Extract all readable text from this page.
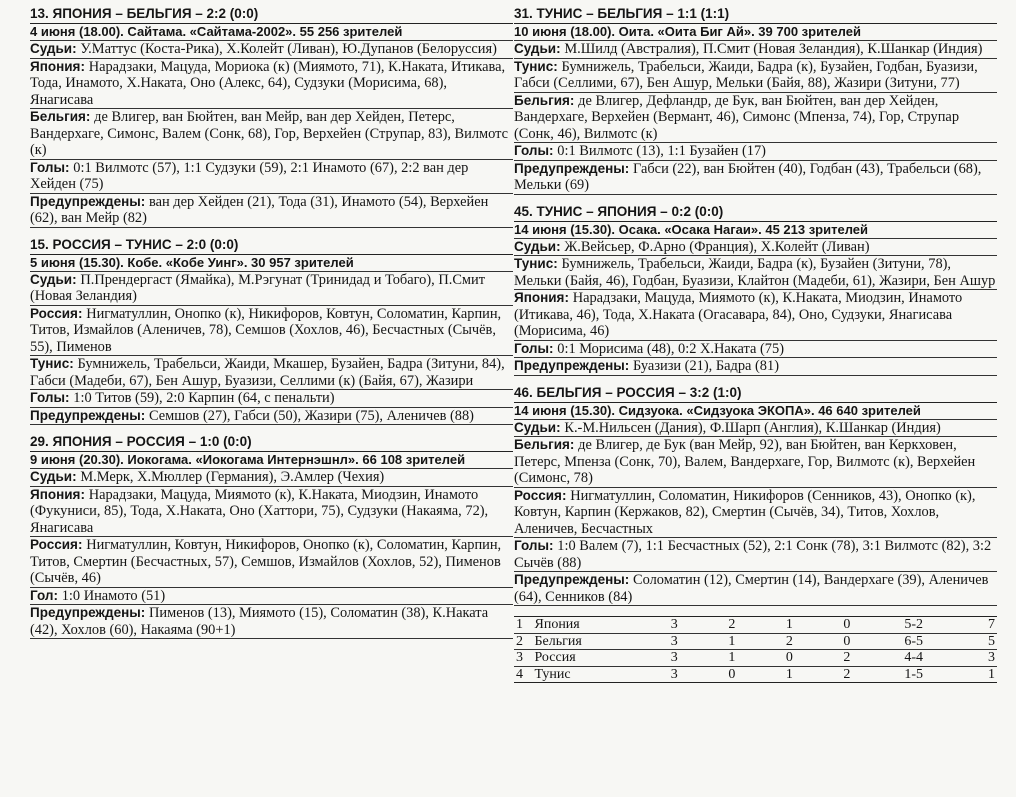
13. ЯПОНИЯ – БЕЛЬГИЯ – 2:2 (0:0)
4 июня (18.00). Сайтама. «Сайтама-2002». 55 256 зрителей
Судьи: У.Маттус (Коста-Рика), Х.Колейт (Ливан), Ю.Дупанов (Белоруссия)
Япония: Нарадзаки, Мацуда, Мориока (к) (Миямото, 71), К.Наката, Итикава, Тода, Инамото, Х.Наката, Оно (Алекс, 64), Судзуки (Морисима, 68), Янагисава
Бельгия: де Влигер, ван Бюйтен, ван Мейр, ван дер Хейден, Петерс, Вандерхаге, Симонс, Валем (Сонк, 68), Гор, Верхейен (Струпар, 83), Вилмотс (к)
Голы: 0:1 Вилмотс (57), 1:1 Судзуки (59), 2:1 Инамото (67), 2:2 ван дер Хейден (75)
Предупреждены: ван дер Хейден (21), Тода (31), Инамото (54), Верхейен (62), ван Мейр (82)
15. РОССИЯ – ТУНИС – 2:0 (0:0)
5 июня (15.30). Кобе. «Кобе Уинг». 30 957 зрителей
Судьи: П.Прендергаст (Ямайка), М.Рэгунат (Тринидад и Тобаго), П.Смит (Новая Зеландия)
Россия: Нигматуллин, Онопко (к), Никифоров, Ковтун, Соломатин, Карпин, Титов, Измайлов (Аленичев, 78), Семшов (Хохлов, 46), Бесчастных (Сычёв, 55), Пименов
Тунис: Бумнижель, Трабельси, Жаиди, Мкашер, Бузайен, Бадра (Зитуни, 84), Габси (Мадеби, 67), Бен Ашур, Буазизи, Селлими (к) (Байя, 67), Жазири
Голы: 1:0 Титов (59), 2:0 Карпин (64, с пенальти)
Предупреждены: Семшов (27), Габси (50), Жазири (75), Аленичев (88)
29. ЯПОНИЯ – РОССИЯ – 1:0 (0:0)
9 июня (20.30). Иокогама. «Иокогама Интернэшнл». 66 108 зрителей
Судьи: М.Мерк, Х.Мюллер (Германия), Э.Амлер (Чехия)
Япония: Нарадзаки, Мацуда, Миямото (к), К.Наката, Миодзин, Инамото (Фукуниси, 85), Тода, Х.Наката, Оно (Хаттори, 75), Судзуки (Накаяма, 72), Янагисава
Россия: Нигматуллин, Ковтун, Никифоров, Онопко (к), Соломатин, Карпин, Титов, Смертин (Бесчастных, 57), Семшов, Измайлов (Хохлов, 52), Пименов (Сычёв, 46)
Гол: 1:0 Инамото (51)
Предупреждены: Пименов (13), Миямото (15), Соломатин (38), К.Наката (42), Хохлов (60), Накаяма (90+1)
31. ТУНИС – БЕЛЬГИЯ – 1:1 (1:1)
10 июня (18.00). Оита. «Оита Биг Ай». 39 700 зрителей
Судьи: М.Шилд (Австралия), П.Смит (Новая Зеландия), К.Шанкар (Индия)
Тунис: Бумнижель, Трабельси, Жаиди, Бадра (к), Бузайен, Годбан, Буазизи, Габси (Селлими, 67), Бен Ашур, Мельки (Байя, 88), Жазири (Зитуни, 77)
Бельгия: де Влигер, Дефландр, де Бук, ван Бюйтен, ван дер Хейден, Вандерхаге, Верхейен (Вермант, 46), Симонс (Мпенза, 74), Гор, Струпар (Сонк, 46), Вилмотс (к)
Голы: 0:1 Вилмотс (13), 1:1 Бузайен (17)
Предупреждены: Габси (22), ван Бюйтен (40), Годбан (43), Трабельси (68), Мельки (69)
45. ТУНИС – ЯПОНИЯ – 0:2 (0:0)
14 июня (15.30). Осака. «Осака Нагаи». 45 213 зрителей
Судьи: Ж.Вейсьер, Ф.Арно (Франция), Х.Колейт (Ливан)
Тунис: Бумнижель, Трабельси, Жаиди, Бадра (к), Бузайен (Зитуни, 78), Мельки (Байя, 46), Годбан, Буазизи, Клайтон (Мадеби, 61), Жазири, Бен Ашур
Япония: Нарадзаки, Мацуда, Миямото (к), К.Наката, Миодзин, Инамото (Итикава, 46), Тода, Х.Наката (Огасавара, 84), Оно, Судзуки, Янагисава (Морисима, 46)
Голы: 0:1 Морисима (48), 0:2 Х.Наката (75)
Предупреждены: Буазизи (21), Бадра (81)
46. БЕЛЬГИЯ – РОССИЯ – 3:2 (1:0)
14 июня (15.30). Сидзуока. «Сидзуока ЭКОПА». 46 640 зрителей
Судьи: К.-М.Нильсен (Дания), Ф.Шарп (Англия), К.Шанкар (Индия)
Бельгия: де Влигер, де Бук (ван Мейр, 92), ван Бюйтен, ван Керкховен, Петерс, Мпенза (Сонк, 70), Валем, Вандерхаге, Гор, Вилмотс (к), Верхейен (Симонс, 78)
Россия: Нигматуллин, Соломатин, Никифоров (Сенников, 43), Онопко (к), Ковтун, Карпин (Кержаков, 82), Смертин (Сычёв, 34), Титов, Хохлов, Аленичев, Бесчастных
Голы: 1:0 Валем (7), 1:1 Бесчастных (52), 2:1 Сонк (78), 3:1 Вилмотс (82), 3:2 Сычёв (88)
Предупреждены: Соломатин (12), Смертин (14), Вандерхаге (39), Аленичев (64), Сенников (84)
1	Япония	3	2	1	0	5-2	7
2	Бельгия	3	1	2	0	6-5	5
3	Россия	3	1	0	2	4-4	3
4	Тунис	3	0	1	2	1-5	1
